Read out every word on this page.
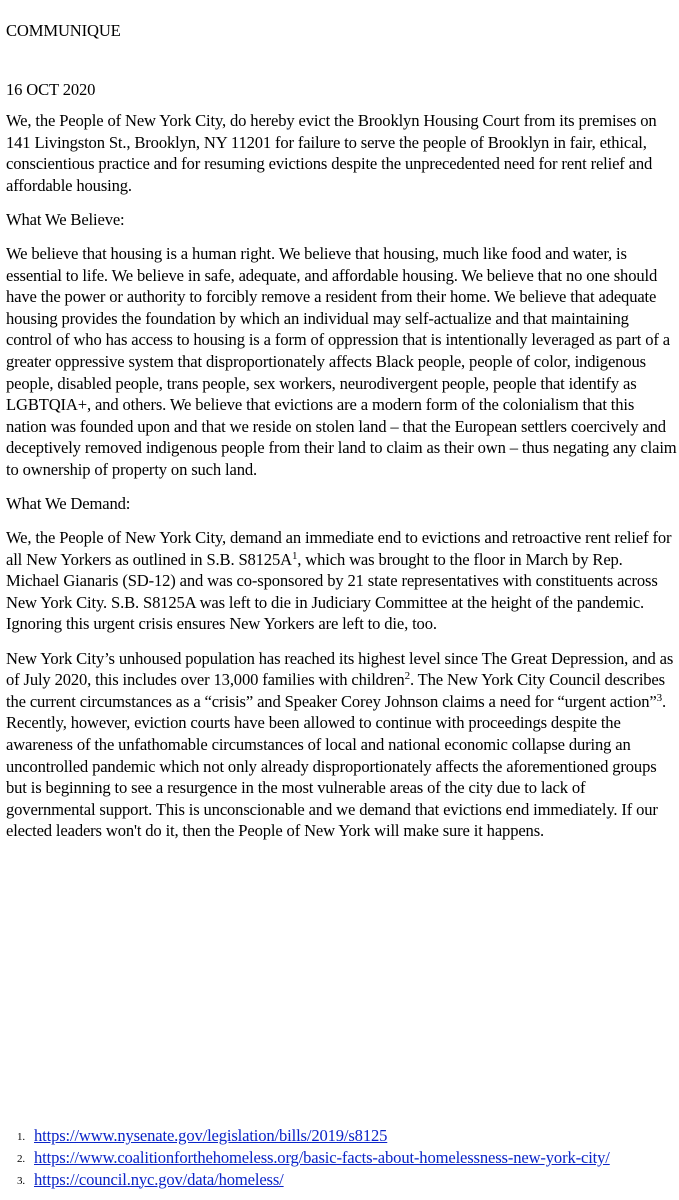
COMMUNIQUE

16 OCT 2020

We, the People of New York City, do hereby evict the Brooklyn Housing Court from its premises on 141 Livingston St., Brooklyn, NY 11201 for failure to serve the people of Brooklyn in fair, ethical, conscientious practice and for resuming evictions despite the unprecedented need for rent relief and affordable housing.

What We Believe:

We believe that housing is a human right. We believe that housing, much like food and water, is essential to life. We believe in safe, adequate, and affordable housing. We believe that no one should have the power or authority to forcibly remove a resident from their home. We believe that adequate housing provides the foundation by which an individual may self-actualize and that maintaining control of who has access to housing is a form of oppression that is intentionally leveraged as part of a greater oppressive system that disproportionately affects Black people, people of color, indigenous people, disabled people, trans people, sex workers, neurodivergent people, people that identify as LGBTQIA+, and others. We believe that evictions are a modern form of the colonialism that this nation was founded upon and that we reside on stolen land – that the European settlers coercively and deceptively removed indigenous people from their land to claim as their own – thus negating any claim to ownership of property on such land.

What We Demand:

We, the People of New York City, demand an immediate end to evictions and retroactive rent relief for all New Yorkers as outlined in S.B. $S8125A^1$, which was brought to the floor in March by Rep. Michael Gianaris (SD-12) and was co-sponsored by 21 state representatives with constituents across New York City. S.B. S8125A was left to die in Judiciary Committee at the height of the pandemic. Ignoring this urgent crisis ensures New Yorkers are left to die, too.

New York City’s unhoused population has reached its highest level since The Great Depression, and as of July 2020, this includes over 13,000 families with children$^2$. The New York City Council describes the current circumstances as a “crisis” and Speaker Corey Johnson claims a need for “urgent action”$^3$. Recently, however, eviction courts have been allowed to continue with proceedings despite the awareness of the unfathomable circumstances of local and national economic collapse during an uncontrolled pandemic which not only already disproportionately affects the aforementioned groups but is beginning to see a resurgence in the most vulnerable areas of the city due to lack of governmental support. This is unconscionable and we demand that evictions end immediately. If our elected leaders won't do it, then the People of New York will make sure it happens.

1. https://www.nysenate.gov/legislation/bills/2019/s8125
2. https://www.coalitionforthehomeless.org/basic-facts-about-homelessness-new-york-city/
3. https://council.nyc.gov/data/homeless/
